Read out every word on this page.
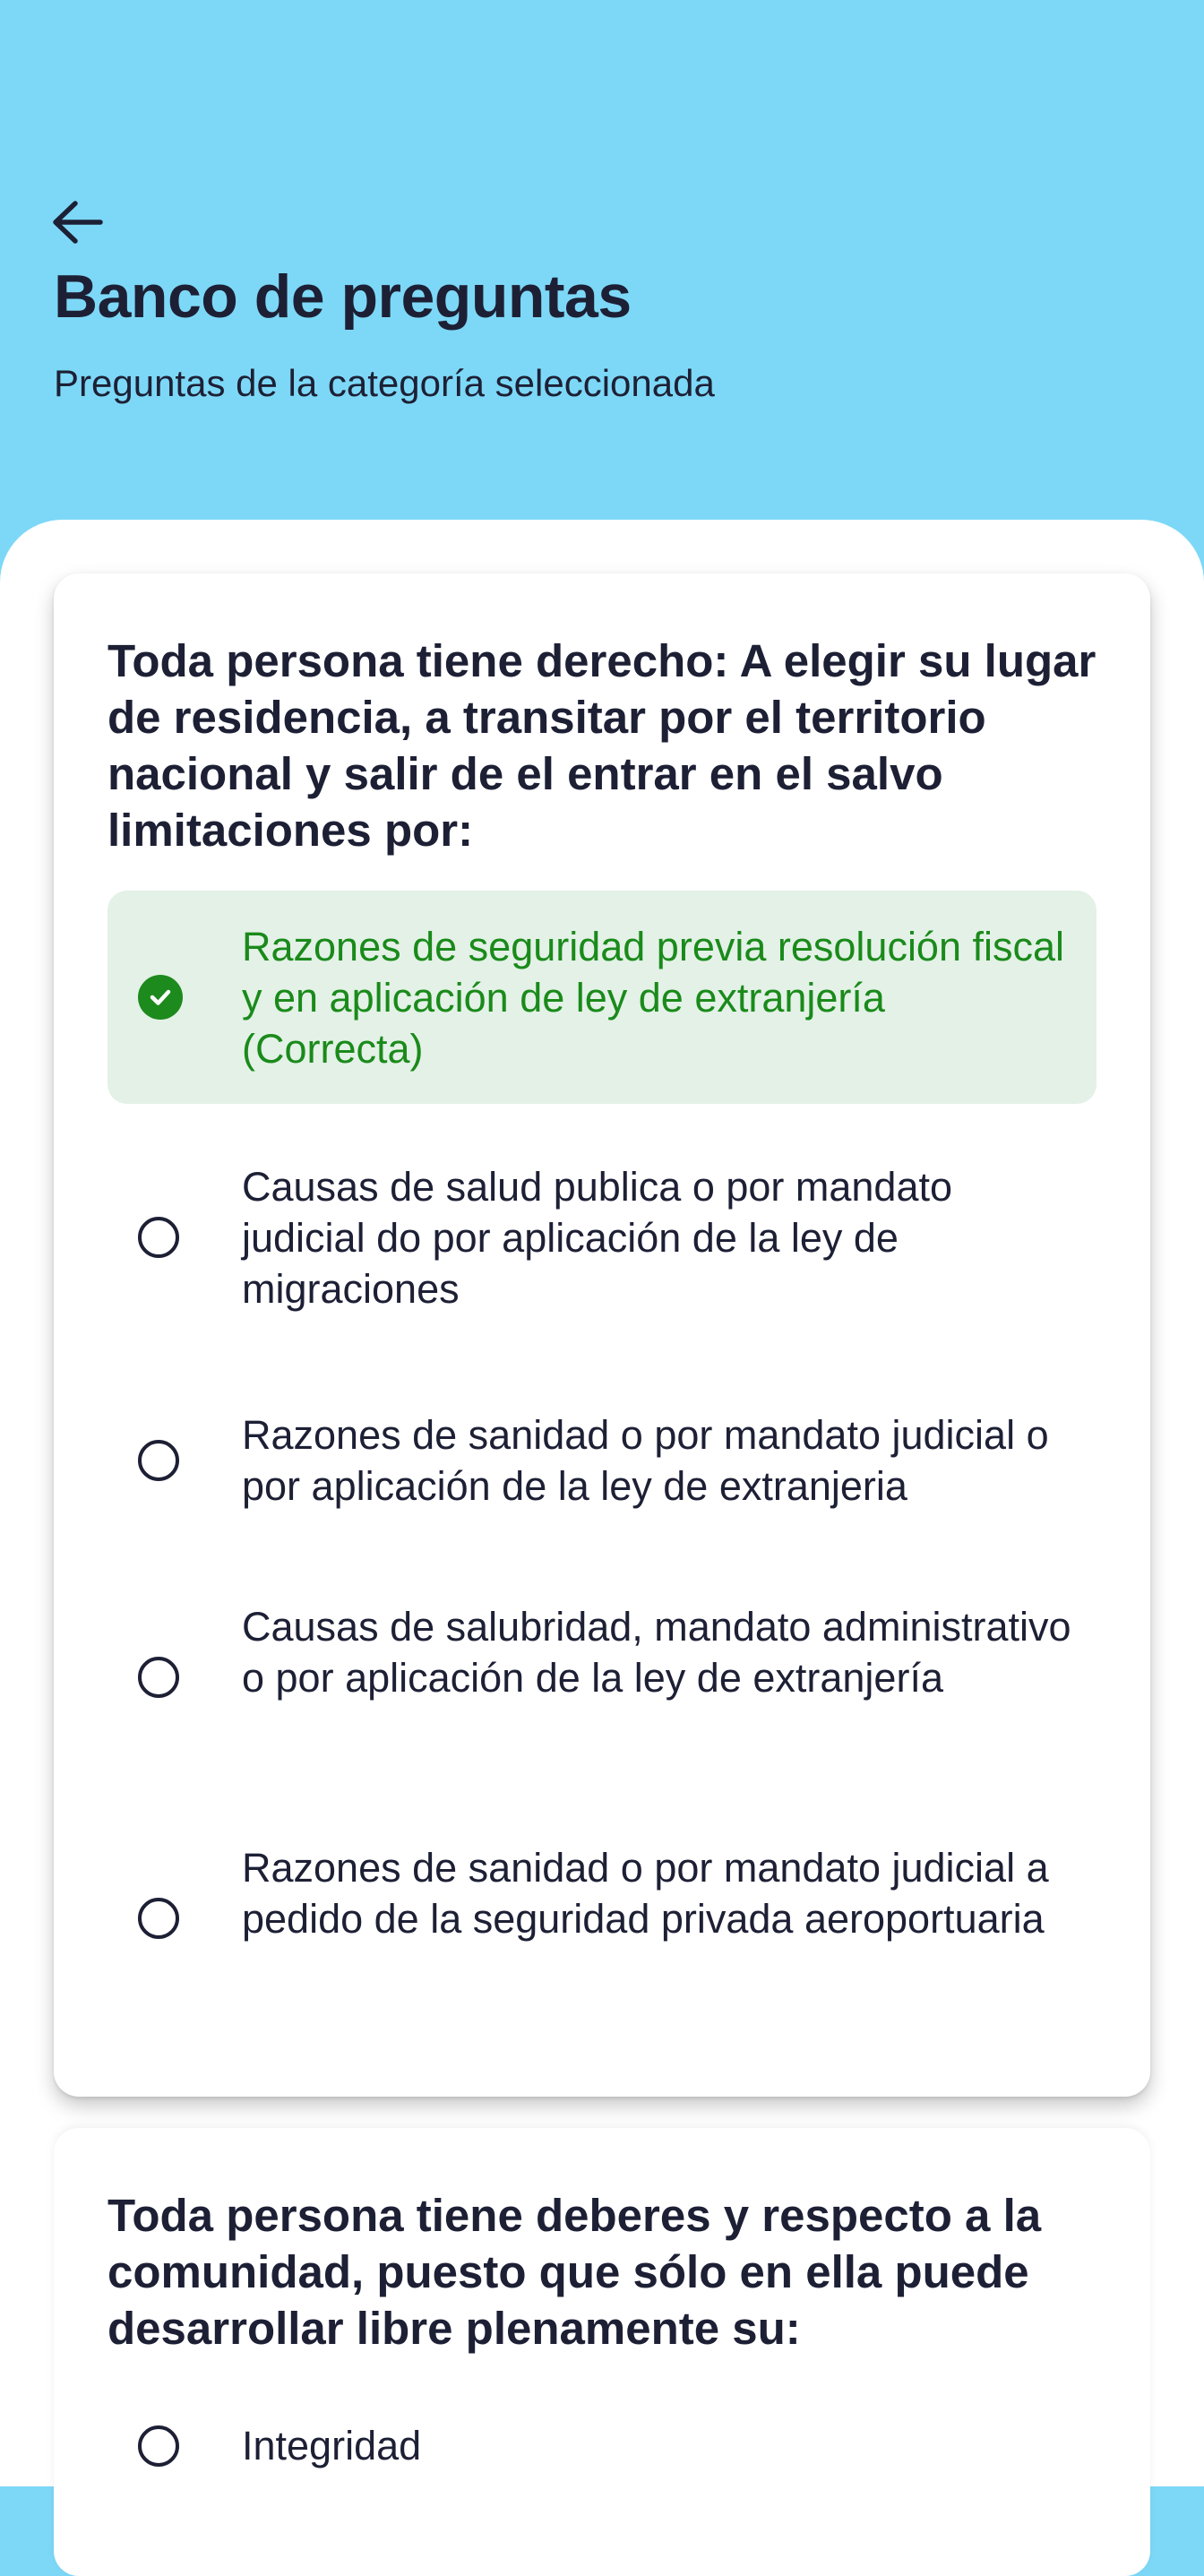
Banco de preguntas
Preguntas de la categoría seleccionada
Toda persona tiene derecho: A elegir su lugar de residencia, a transitar por el territorio nacional y salir de el entrar en el salvo limitaciones por:
Razones de seguridad previa resolución fiscal y en aplicación de ley de extranjería (Correcta)
Causas de salud publica o por mandato judicial do por aplicación de la ley de migraciones
Razones de sanidad o por mandato judicial o por aplicación de la ley de extranjeria
Causas de salubridad, mandato administrativo o por aplicación de la ley de extranjería
Razones de sanidad o por mandato judicial a pedido de la seguridad privada aeroportuaria
Toda persona tiene deberes y respecto a la comunidad, puesto que sólo en ella puede desarrollar libre plenamente su:
Integridad
